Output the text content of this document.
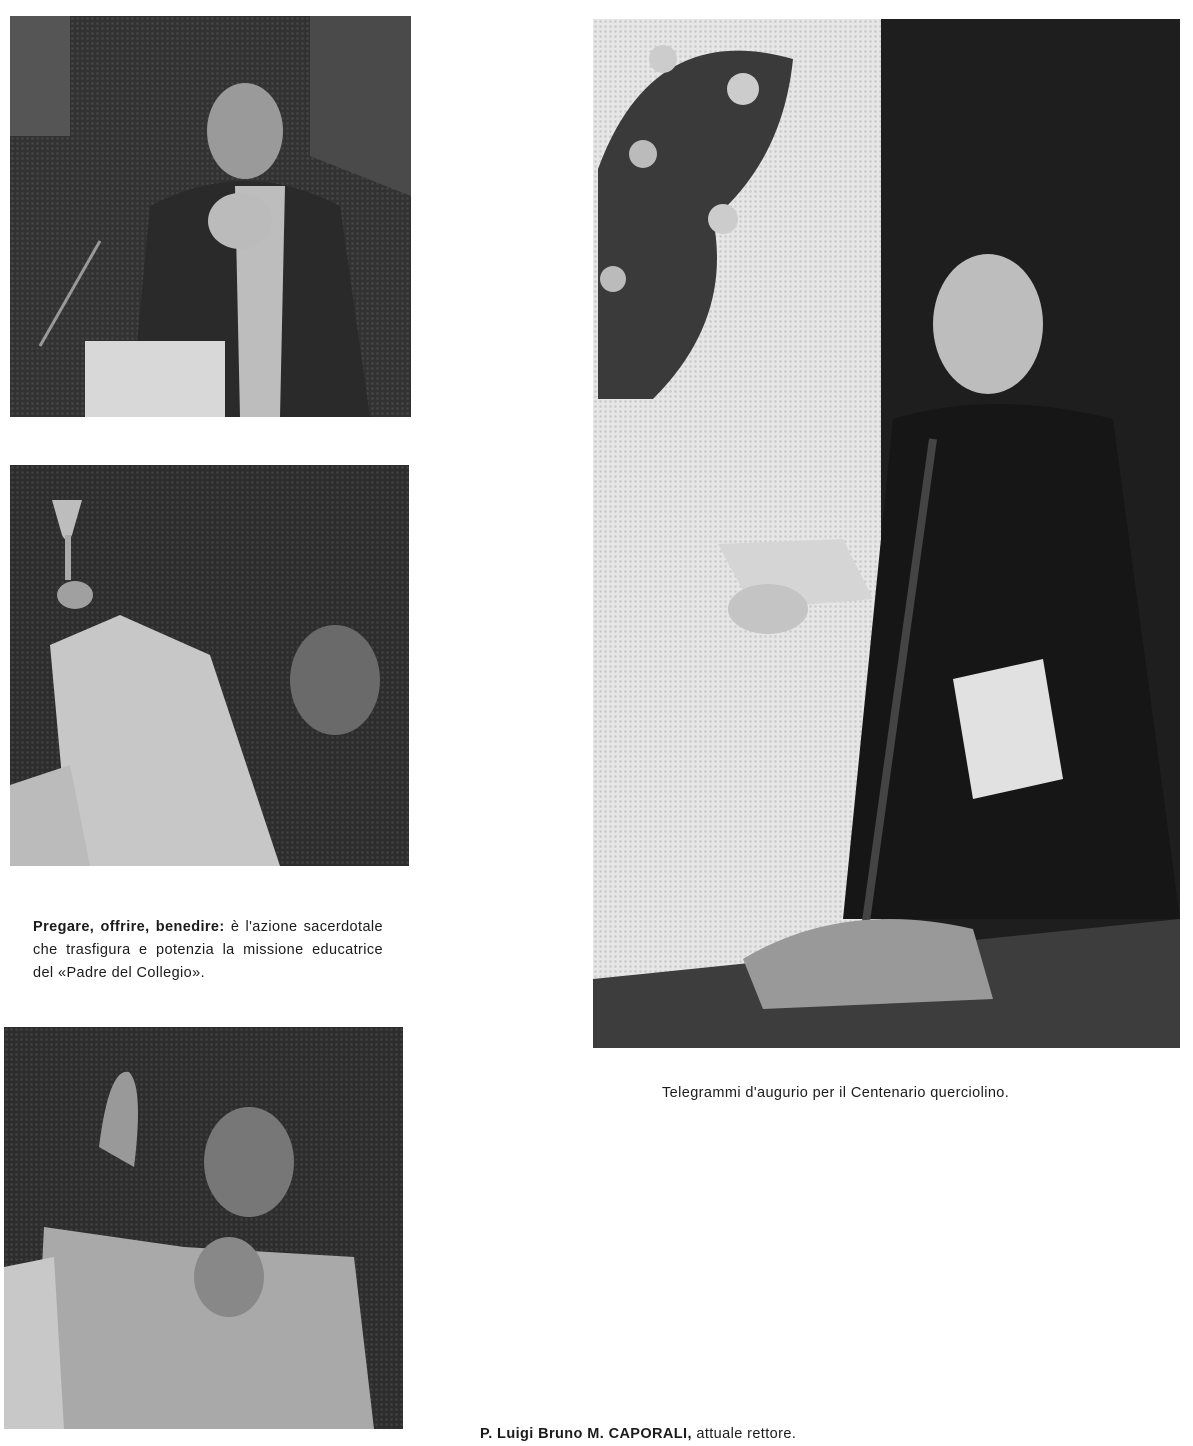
Pregare, offrire, benedire: è l'azione sacerdotale che trasfigura e potenzia la missione educatrice del «Padre del Collegio».

Telegrammi d'augurio per il Centenario querciolino.

P. Luigi Bruno M. CAPORALI, attuale rettore.
